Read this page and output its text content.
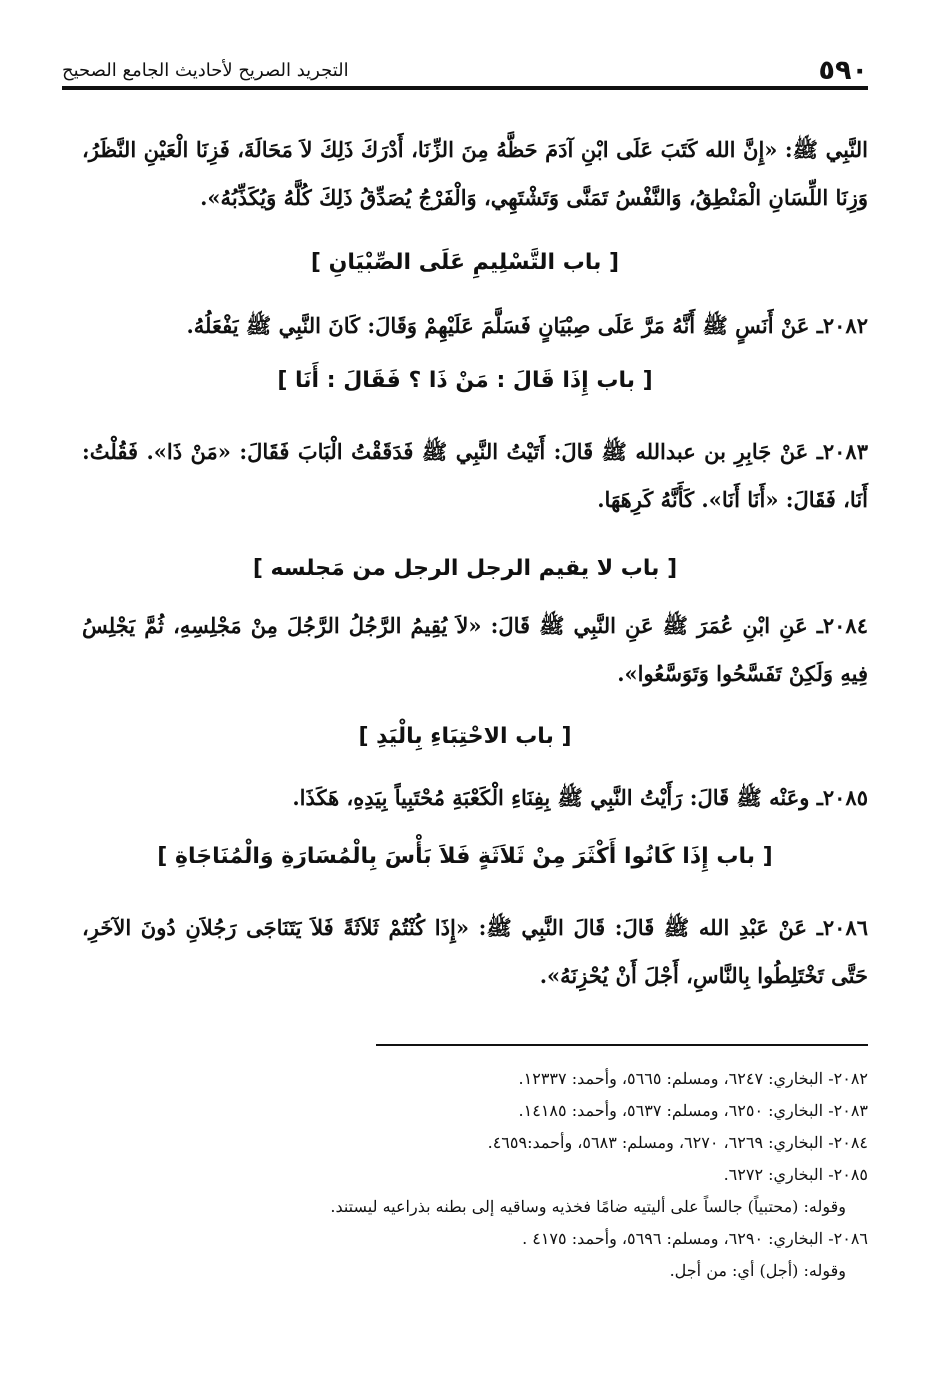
٥٩٠
التجريد الصريح لأحاديث الجامع الصحيح
النَّبِي ﷺ: «إِنَّ الله كَتَبَ عَلَى ابْنِ آدَمَ حَظَّهُ مِنَ الزِّنَا، أَدْرَكَ ذَلِكَ لاَ مَحَالَةَ، فَزِنَا الْعَيْنِ النَّظَرُ، وَزِنَا اللِّسَانِ الْمَنْطِقُ، وَالنَّفْسُ تَمَنَّى وَتَشْتَهِي، وَالْفَرْجُ يُصَدِّقُ ذَلِكَ كُلَّهُ وَيُكَذِّبُهُ».
[ باب التَّسْلِيمِ عَلَى الصِّبْيَانِ ]
٢٠٨٢ـ عَنْ أَنَسٍ ﷺ أَنَّهُ مَرَّ عَلَى صِبْيَانٍ فَسَلَّمَ عَلَيْهِمْ وَقَالَ: كَانَ النَّبِي ﷺ يَفْعَلُهُ.
[ باب إِذَا قَالَ : مَنْ ذَا ؟ فَقَالَ : أَنَا ]
٢٠٨٣ـ عَنْ جَابِرِ بن عبدالله ﷺ قَالَ: أَتَيْتُ النَّبِي ﷺ فَدَقَقْتُ الْبَابَ فَقَالَ: «مَنْ ذَا». فَقُلْتُ: أَنَا، فَقَالَ: «أَنَا أَنَا». كَأَنَّهُ كَرِهَهَا.
[ باب لا يقيم الرجل الرجل من مَجلسه ]
٢٠٨٤ـ عَنِ ابْنِ عُمَرَ ﷺ عَنِ النَّبِي ﷺ قَالَ: «لاَ يُقِيمُ الرَّجُلُ الرَّجُلَ مِنْ مَجْلِسِهِ، ثُمَّ يَجْلِسُ فِيهِ وَلَكِنْ تَفَسَّحُوا وَتَوَسَّعُوا».
[ باب الاحْتِبَاءِ بِالْيَدِ ]
٢٠٨٥ـ وعَنْه ﷺ قَالَ: رَأَيْتُ النَّبِي ﷺ بِفِنَاءِ الْكَعْبَةِ مُحْتَبِياً بِيَدِهِ، هَكَذَا.
[ باب إِذَا كَانُوا أَكْثَرَ مِنْ ثَلاَثَةٍ فَلاَ بَأْسَ بِالْمُسَارَةِ وَالْمُنَاجَاةِ ]
٢٠٨٦ـ عَنْ عَبْدِ الله ﷺ قَالَ: قَالَ النَّبِي ﷺ: «إِذَا كُنْتُمْ ثَلاَثَةً فَلاَ يَتَنَاجَى رَجُلاَنِ دُونَ الآخَرِ، حَتَّى تَخْتَلِطُوا بِالنَّاسِ، أَجْلَ أَنْ يُحْزِنَهُ».
٢٠٨٢- البخاري: ٦٢٤٧، ومسلم: ٥٦٦٥، وأحمد: ١٢٣٣٧.
٢٠٨٣- البخاري: ٦٢٥٠، ومسلم: ٥٦٣٧، وأحمد: ١٤١٨٥.
٢٠٨٤- البخاري: ٦٢٦٩، ٦٢٧٠، ومسلم: ٥٦٨٣، وأحمد:٤٦٥٩.
٢٠٨٥- البخاري: ٦٢٧٢.
وقوله: (محتبياً) جالساً على أليتيه ضامًا فخذيه وساقيه إلى بطنه بذراعيه ليستند.
٢٠٨٦- البخاري: ٦٢٩٠، ومسلم: ٥٦٩٦، وأحمد: ٤١٧٥ .
وقوله: (أجل) أي: من أجل.
